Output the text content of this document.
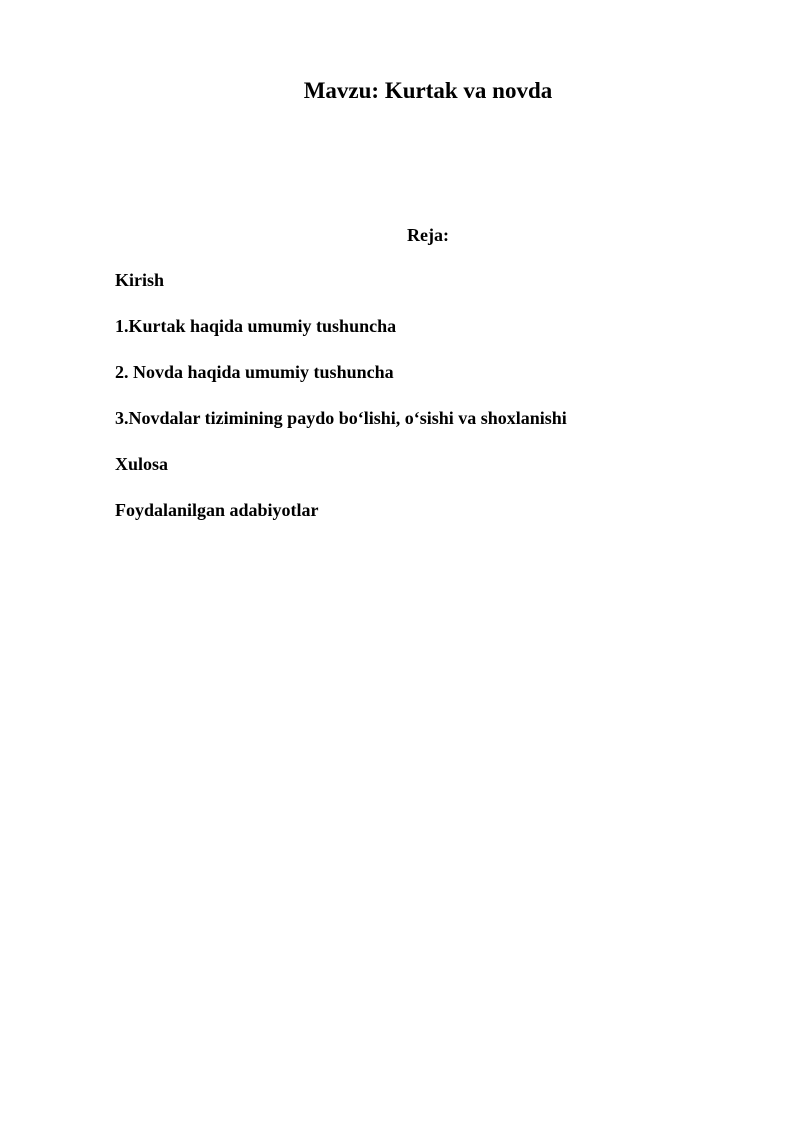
Mavzu: Kurtak va novda
Reja:
Kirish
1.Kurtak haqida umumiy tushuncha
2. Novda haqida umumiy tushuncha
3.Novdalar tizimining paydo bo‘lishi, o‘sishi va shoxlanishi
Xulosa
Foydalanilgan adabiyotlar
